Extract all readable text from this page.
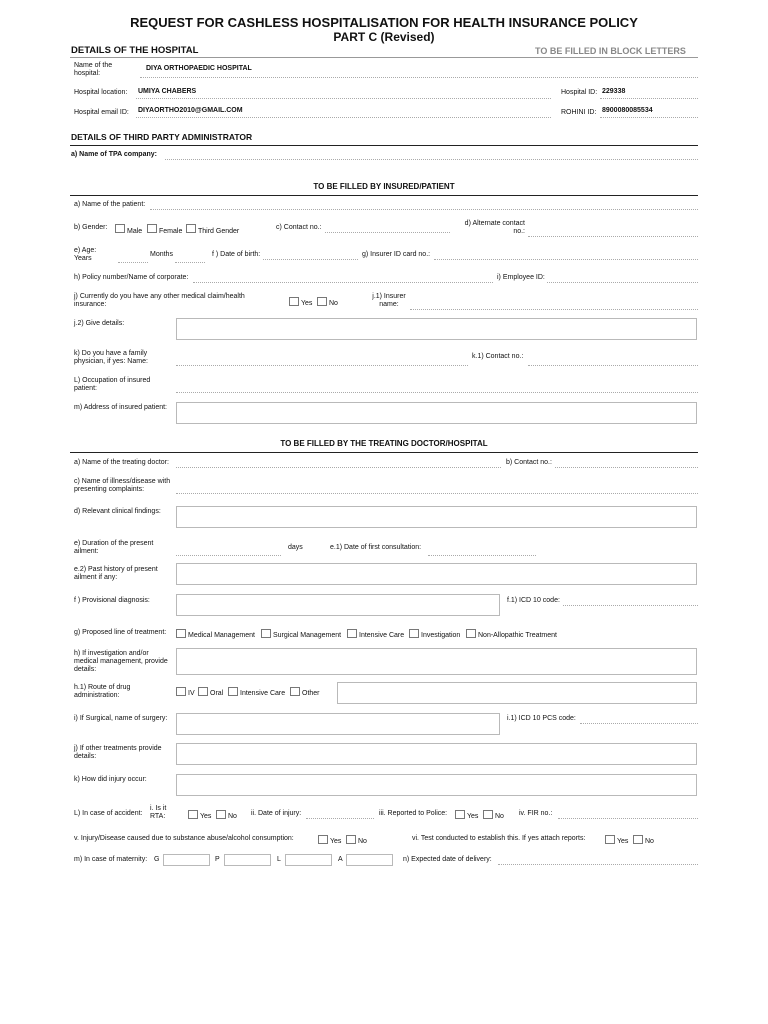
REQUEST FOR CASHLESS HOSPITALISATION FOR HEALTH INSURANCE POLICY
PART C (Revised)
DETAILS OF THE HOSPITAL	TO BE FILLED IN BLOCK LETTERS
Name of the hospital:
DIYA ORTHOPAEDIC HOSPITAL
Hospital location: UMIYA CHABERS	Hospital ID: 229338
Hospital email ID: DIYAORTHO2010@GMAIL.COM	ROHINI ID: 8900080085534
DETAILS OF THIRD PARTY ADMINISTRATOR
a) Name of TPA company:
TO BE FILLED BY INSURED/PATIENT
a) Name of the patient:
b) Gender:
Male Female Third Gender
c) Contact no.:
d) Alternate contact no.:
e) Age: Years
Months	f ) Date of birth:	g) Insurer ID card no.:
h) Policy number/Name of corporate:	i) Employee ID:
j) Currently do you have any other medical claim/health insurance:	Yes No
j.1) Insurer name:
j.2) Give details:
k) Do you have a family physician, if yes: Name:
k.1) Contact no.:
L) Occupation of insured patient:
m) Address of insured patient:
TO BE FILLED BY THE TREATING DOCTOR/HOSPITAL
a) Name of the treating doctor:	b) Contact no.:
c) Name of illness/disease with presenting complaints:
d) Relevant clinical findings:
e) Duration of the present ailment:
days	e.1) Date of first consultation:
e.2) Past history of present ailment if any:
f ) Provisional diagnosis:	f.1) ICD 10 code:
g) Proposed line of treatment:	Medical Management	Surgical Management	Intensive Care Investigation	Non-Allopathic Treatment
h) If investigation and/or medical management, provide details:
h.1) Route of drug administration:	IV Oral Intensive Care Other
i) If Surgical, name of surgery:	i.1) ICD 10 PCS code:
j) If other treatments provide details:
k) How did injury occur:
L) In case of accident:
i. Is it RTA:	Yes No ii. Date of injury:	iii. Reported to Police:	Yes No iv. FIR no.:
v. Injury/Disease caused due to substance abuse/alcohol consumption:	Yes No	vi. Test conducted to establish this. If yes attach reports:	Yes No
m) In case of maternity: G	P	L	A	n) Expected date of delivery:
